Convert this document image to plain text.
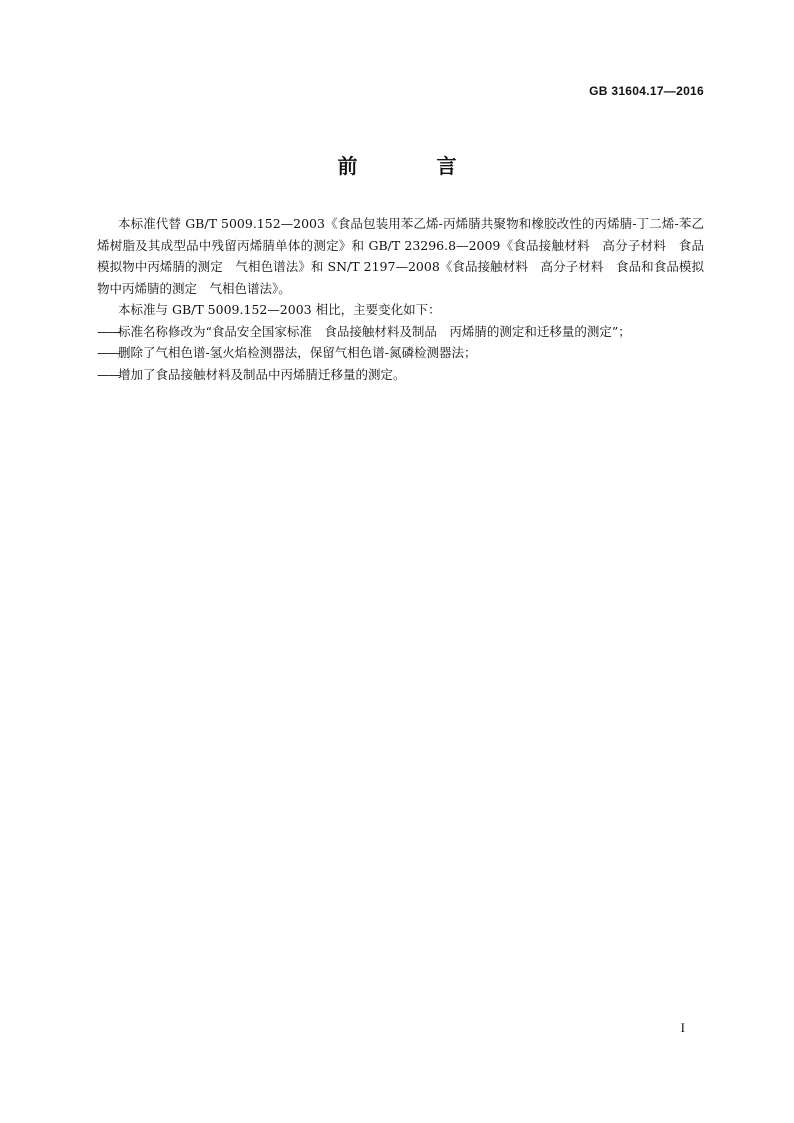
GB 31604.17—2016
前 言

本标准代替 GB/T 5009.152—2003《食品包装用苯乙烯-丙烯腈共聚物和橡胶改性的丙烯腈-丁二烯-苯乙烯树脂及其成型品中残留丙烯腈单体的测定》和 GB/T 23296.8—2009《食品接触材料　高分子材料　食品模拟物中丙烯腈的测定　气相色谱法》和 SN/T 2197—2008《食品接触材料　高分子材料　食品和食品模拟物中丙烯腈的测定　气相色谱法》。

本标准与 GB/T 5009.152—2003 相比，主要变化如下：

——
标准名称修改为“食品安全国家标准　食品接触材料及制品　丙烯腈的测定和迁移量的测定”；
——
删除了气相色谱-氢火焰检测器法，保留气相色谱-氮磷检测器法；
——
增加了食品接触材料及制品中丙烯腈迁移量的测定。
I
